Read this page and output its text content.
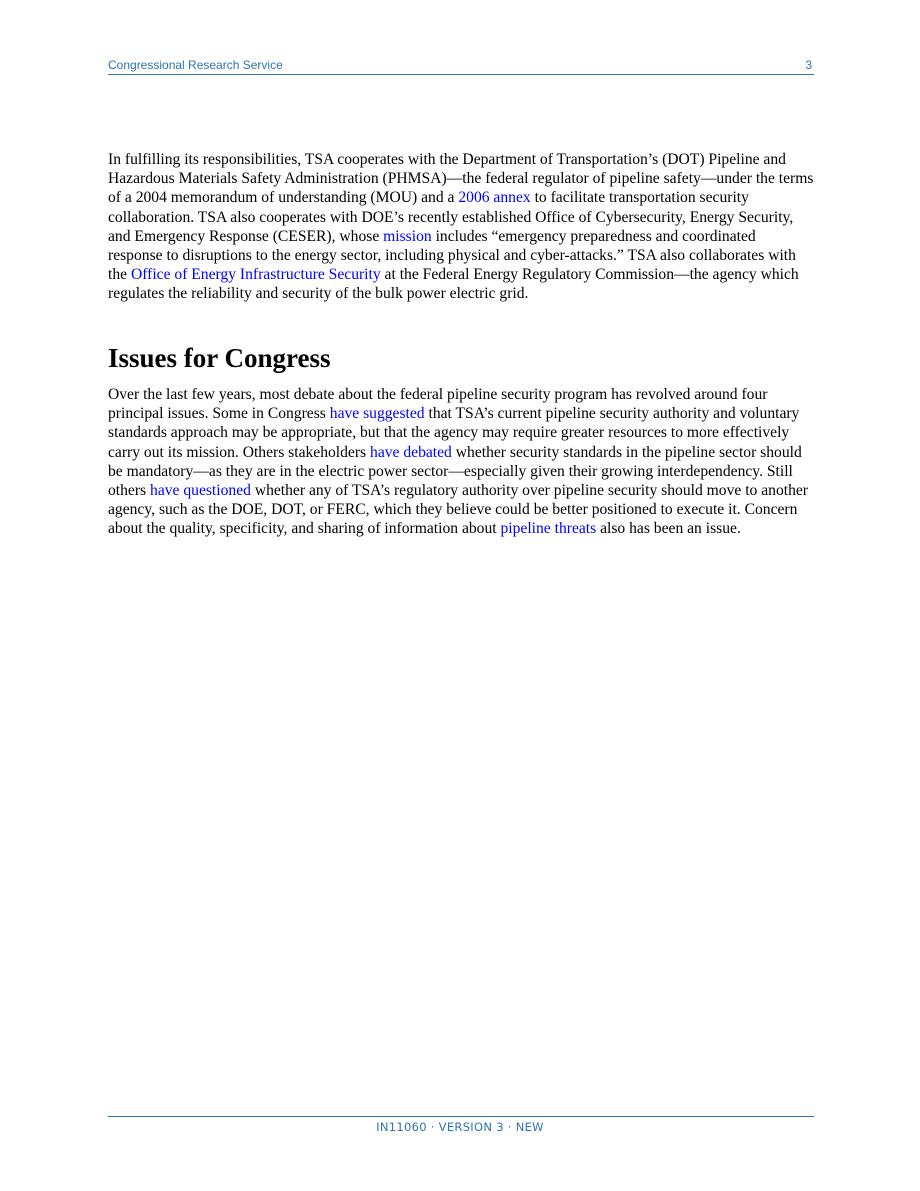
Congressional Research Service	3

In fulfilling its responsibilities, TSA cooperates with the Department of Transportation’s (DOT) Pipeline and Hazardous Materials Safety Administration (PHMSA)—the federal regulator of pipeline safety—under the terms of a 2004 memorandum of understanding (MOU) and a 2006 annex to facilitate transportation security collaboration. TSA also cooperates with DOE’s recently established Office of Cybersecurity, Energy Security, and Emergency Response (CESER), whose mission includes “emergency preparedness and coordinated response to disruptions to the energy sector, including physical and cyber-attacks.” TSA also collaborates with the Office of Energy Infrastructure Security at the Federal Energy Regulatory Commission—the agency which regulates the reliability and security of the bulk power electric grid.

Issues for Congress

Over the last few years, most debate about the federal pipeline security program has revolved around four principal issues. Some in Congress have suggested that TSA’s current pipeline security authority and voluntary standards approach may be appropriate, but that the agency may require greater resources to more effectively carry out its mission. Others stakeholders have debated whether security standards in the pipeline sector should be mandatory—as they are in the electric power sector—especially given their growing interdependency. Still others have questioned whether any of TSA’s regulatory authority over pipeline security should move to another agency, such as the DOE, DOT, or FERC, which they believe could be better positioned to execute it. Concern about the quality, specificity, and sharing of information about pipeline threats also has been an issue.

IN11060 · VERSION 3 · NEW
